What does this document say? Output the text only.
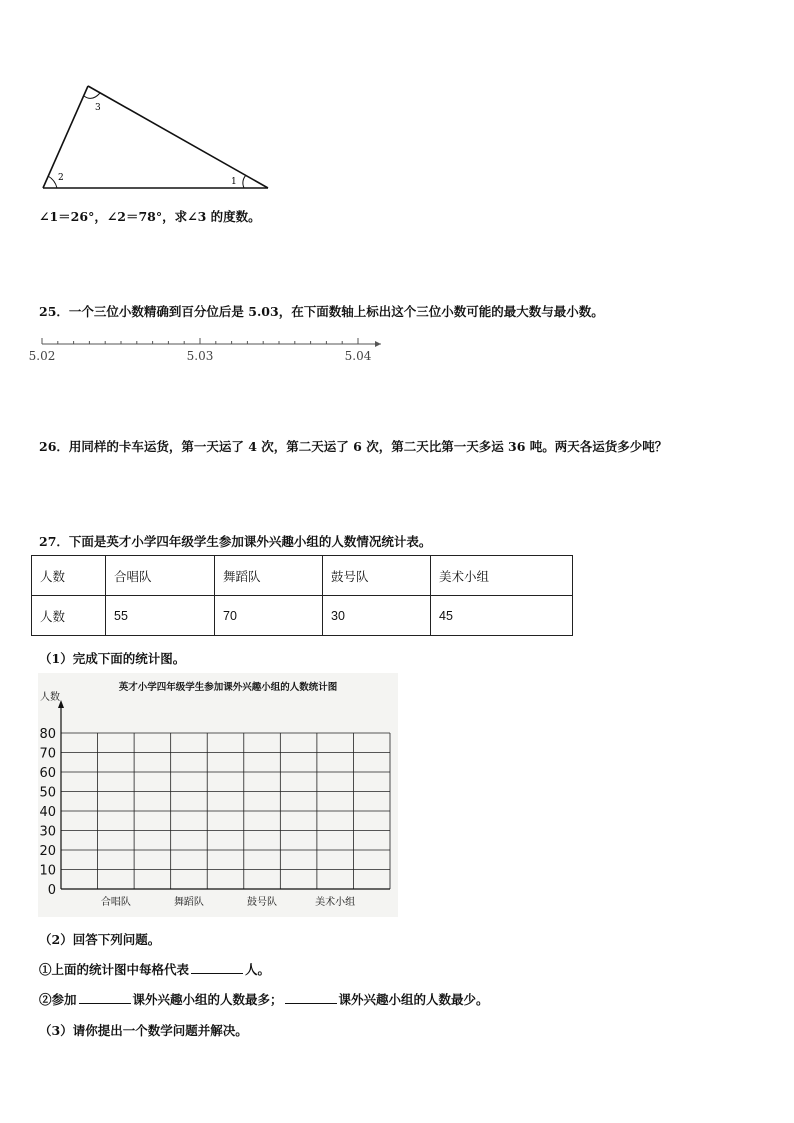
3
2	1
∠1＝26°，∠2＝78°，求∠3 的度数。
25．一个三位小数精确到百分位后是 5.03，在下面数轴上标出这个三位小数可能的最大数与最小数。
5.02	5.03	5.04
26．用同样的卡车运货，第一天运了 4 次，第二天运了 6 次，第二天比第一天多运 36 吨。两天各运货多少吨？
27．下面是英才小学四年级学生参加课外兴趣小组的人数情况统计表。
人数	合唱队	舞蹈队	鼓号队	美术小组
人数	55	70	30	45
（1）完成下面的统计图。
英才小学四年级学生参加课外兴趣小组的人数统计图
人数
0
10
20
30
40
50
60
70
80
合唱队	舞蹈队	鼓号队	美术小组
（2）回答下列问题。
①上面的统计图中每格代表	人。
②参加	课外兴趣小组的人数最多；	课外兴趣小组的人数最少。
（3）请你提出一个数学问题并解决。
